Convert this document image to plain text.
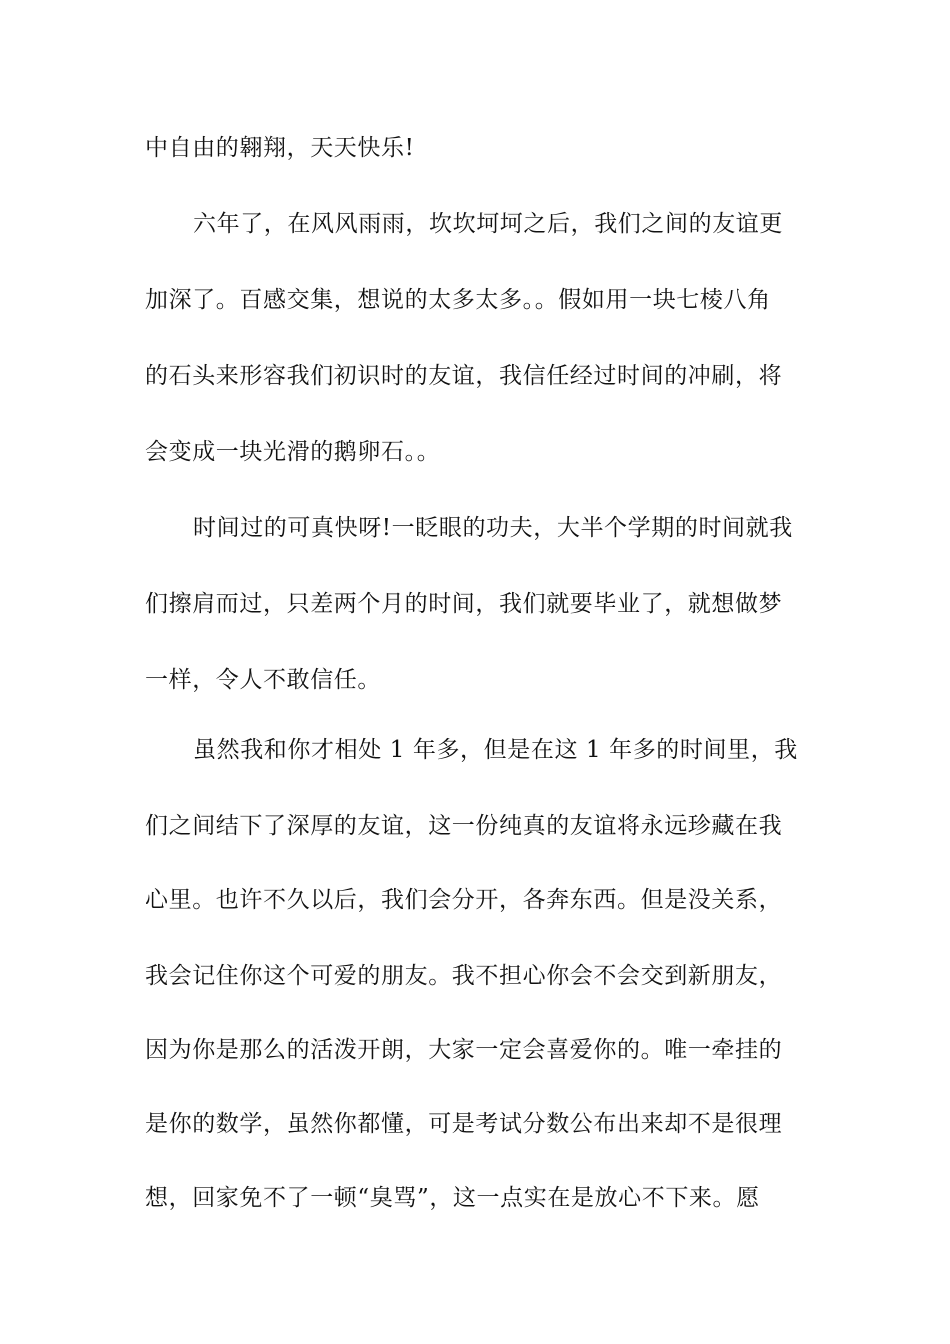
中自由的翱翔，天天快乐!
六年了，在风风雨雨，坎坎坷坷之后，我们之间的友谊更
加深了。百感交集，想说的太多太多。。假如用一块七棱八角
的石头来形容我们初识时的友谊，我信任经过时间的冲刷，将
会变成一块光滑的鹅卵石。。
时间过的可真快呀!一眨眼的功夫，大半个学期的时间就我
们擦肩而过，只差两个月的时间，我们就要毕业了，就想做梦
一样，令人不敢信任。
虽然我和你才相处 1 年多，但是在这 1 年多的时间里，我
们之间结下了深厚的友谊，这一份纯真的友谊将永远珍藏在我
心里。也许不久以后，我们会分开，各奔东西。但是没关系，
我会记住你这个可爱的朋友。我不担心你会不会交到新朋友，
因为你是那么的活泼开朗，大家一定会喜爱你的。唯一牵挂的
是你的数学，虽然你都懂，可是考试分数公布出来却不是很理
想，回家免不了一顿“臭骂”，这一点实在是放心不下来。愿
